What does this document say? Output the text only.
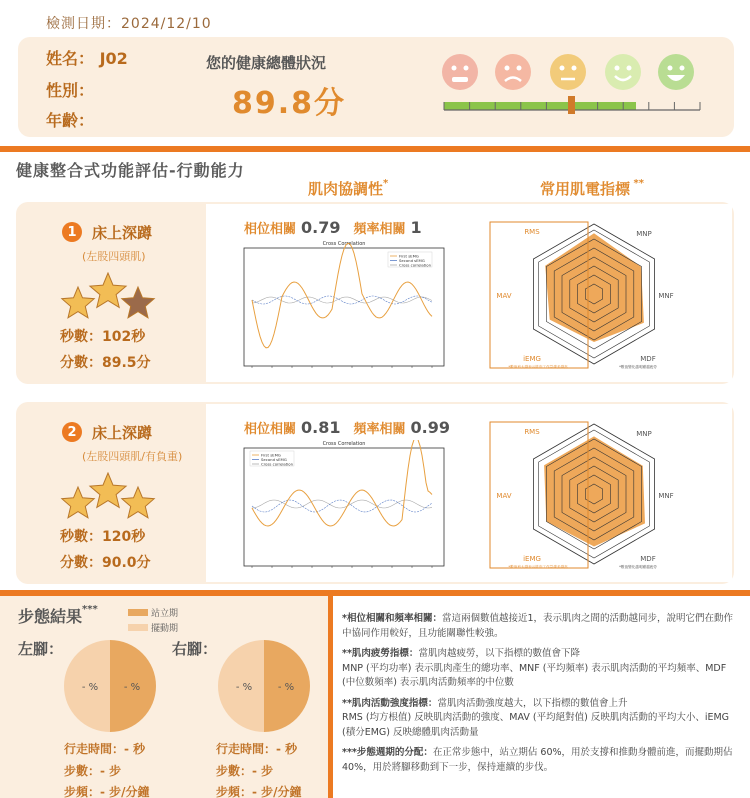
檢測日期：2024/12/10
姓名： J02
性別：
年齡：
您的健康總體狀況
89.8分
健康整合式功能評估-行動能力
肌肉協調性*	常用肌電指標 **
1	床上深蹲
(左股四頭肌)
秒數：102秒
分數：89.5分
相位相關 0.79 頻率相關 1
Cross Correlation
First sEMG
Second sEMG
Cross correlation
RMS	MNP
MNF
MDF
iEMG
MAV
*數值愈大越表示肌肉工作量越多越高	*數值變化越明顯越疲勞
2	床上深蹲
(左股四頭肌/有負重)
秒數：120秒
分數：90.0分
相位相關 0.81 頻率相關 0.99
Cross Correlation
First sEMG
Second sEMG
Cross correlation
RMS	MNP
MNF
MDF
iEMG
MAV
*數值愈大越表示肌肉工作量越多越高	*數值變化越明顯越疲勞
步態結果***	站立期
擺動期
左腳：	右腳：
- %	- %	- %	- %
行走時間：- 秒
步數：- 步
步頻：- 步/分鐘
行走時間：- 秒
步數：- 步
步頻：- 步/分鐘

*相位相關和頻率相關：當這兩個數值越接近1，表示肌肉之間的活動越同步，說明它們在動作中協同作用較好，且功能關聯性較強。

**肌肉疲勞指標：當肌肉越疲勞，以下指標的數值會下降
MNP (平均功率) 表示肌肉產生的總功率、MNF (平均頻率) 表示肌肉活動的平均頻率、MDF (中位數頻率) 表示肌肉活動頻率的中位數

**肌肉活動強度指標：當肌肉活動強度越大，以下指標的數值會上升
RMS (均方根值) 反映肌肉活動的強度、MAV (平均絕對值) 反映肌肉活動的平均大小、iEMG (積分EMG) 反映總體肌肉活動量

***步態週期的分配：在正常步態中，站立期佔 60%，用於支撐和推動身體前進，而擺動期佔 40%，用於將腳移動到下一步，保持連續的步伐。
